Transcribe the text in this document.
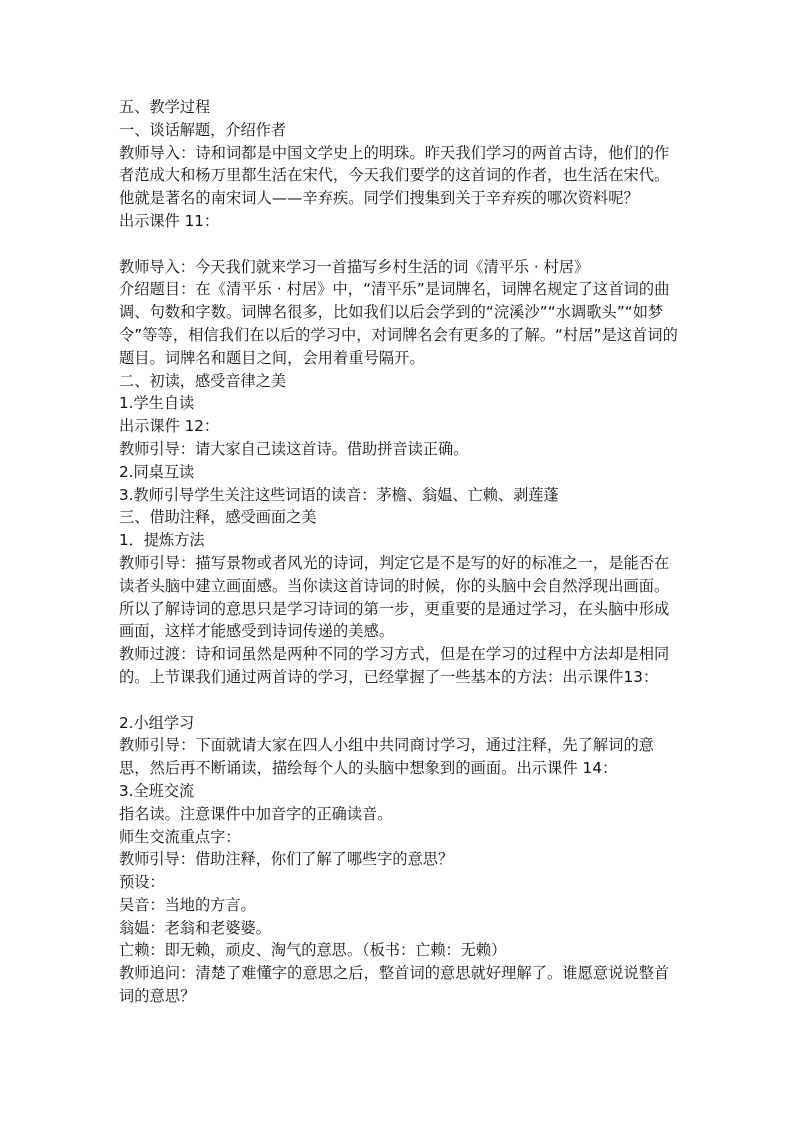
五、教学过程

一、谈话解题，介绍作者

教师导入：诗和词都是中国文学史上的明珠。昨天我们学习的两首古诗，他们的作者范成大和杨万里都生活在宋代，今天我们要学的这首词的作者，也生活在宋代。他就是著名的南宋词人——辛弃疾。同学们搜集到关于辛弃疾的哪次资料呢？

出示课件 11：

教师导入：今天我们就来学习一首描写乡村生活的词《清平乐 · 村居》

介绍题目：在《清平乐 · 村居》中，“清平乐”是词牌名，词牌名规定了这首词的曲调、句数和字数。词牌名很多，比如我们以后会学到的“浣溪沙”“水调歌头”“如梦令”等等，相信我们在以后的学习中，对词牌名会有更多的了解。“村居”是这首词的题目。词牌名和题目之间，会用着重号隔开。

二、初读，感受音律之美

1.学生自读

出示课件 12：

教师引导：请大家自己读这首诗。借助拼音读正确。

2.同桌互读

3.教师引导学生关注这些词语的读音：茅檐、翁媪、亡赖、剥莲蓬

三、借助注释，感受画面之美

1．提炼方法

教师引导：描写景物或者风光的诗词，判定它是不是写的好的标准之一，是能否在读者头脑中建立画面感。当你读这首诗词的时候，你的头脑中会自然浮现出画面。所以了解诗词的意思只是学习诗词的第一步，更重要的是通过学习，在头脑中形成画面，这样才能感受到诗词传递的美感。

教师过渡：诗和词虽然是两种不同的学习方式，但是在学习的过程中方法却是相同的。上节课我们通过两首诗的学习，已经掌握了一些基本的方法：出示课件13：

2.小组学习

教师引导：下面就请大家在四人小组中共同商讨学习，通过注释，先了解词的意思，然后再不断诵读，描绘每个人的头脑中想象到的画面。出示课件 14：

3.全班交流

指名读。注意课件中加音字的正确读音。

师生交流重点字：

教师引导：借助注释，你们了解了哪些字的意思？

预设：

吴音：当地的方言。

翁媪：老翁和老婆婆。

亡赖：即无赖，顽皮、淘气的意思。（板书：亡赖：无赖）

教师追问：清楚了难懂字的意思之后，整首词的意思就好理解了。谁愿意说说整首词的意思？
